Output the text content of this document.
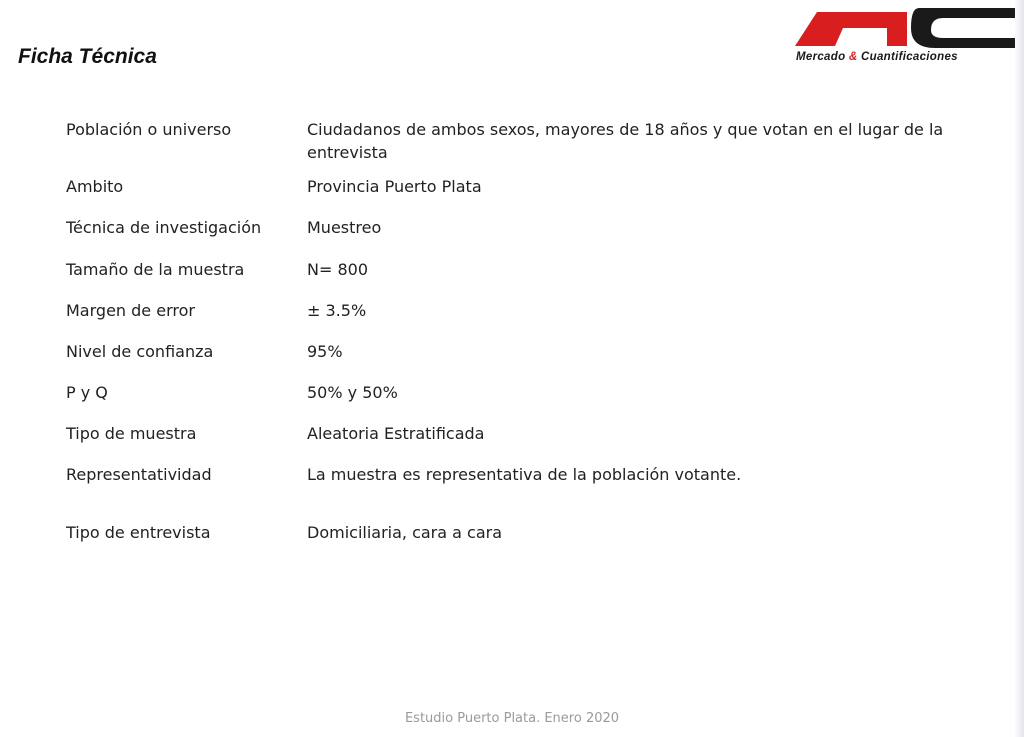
Ficha Técnica	Mercado & Cuantificaciones
Población o universo	Ciudadanos de ambos sexos, mayores de 18 años y que votan en el lugar de la entrevista
Ambito	Provincia Puerto Plata
Técnica de investigación	Muestreo
Tamaño de la muestra	N= 800
Margen de error	± 3.5%
Nivel de confianza	95%
P y Q	50% y 50%
Tipo de muestra	Aleatoria Estratificada
Representatividad	La muestra es representativa de la población votante.
Tipo de entrevista	Domiciliaria, cara a cara
Estudio Puerto Plata. Enero 2020
